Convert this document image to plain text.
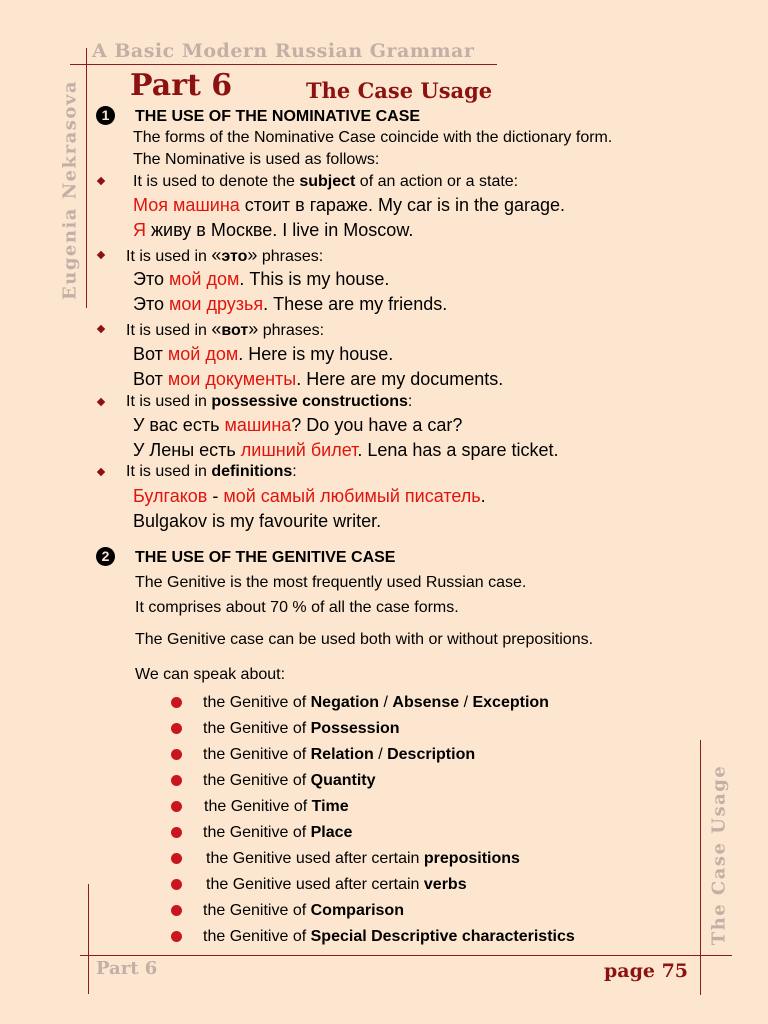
A Basic Modern Russian Grammar
Eugenia Nekrasova
The Case Usage
Part 6	The Case Usage
1	THE USE OF THE NOMINATIVE CASE
The forms of the Nominative Case coincide with the dictionary form.
The Nominative is used as follows:
It is used to denote the subject of an action or a state:
Моя машина стоит в гараже. My car is in the garage.
Я живу в Москве. I live in Moscow.
It is used in «это» phrases:
Это мой дом. This is my house.
Это мои друзья. These are my friends.
It is used in «вот» phrases:
Вот мой дом. Here is my house.
Вот мои документы. Here are my documents.
It is used in possessive constructions:
У вас есть машина? Do you have a car?
У Лены есть лишний билет. Lena has a spare ticket.
It is used in definitions:
Булгаков - мой самый любимый писатель.
Bulgakov is my favourite writer.
2	THE USE OF THE GENITIVE CASE
The Genitive is the most frequently used Russian case.
It comprises about 70 % of all the case forms.
The Genitive case can be used both with or without prepositions.
We can speak about:
the Genitive of Negation / Absense / Exception
the Genitive of Possession
the Genitive of Relation / Description
the Genitive of Quantity
the Genitive of Time
the Genitive of Place
the Genitive used after certain prepositions
the Genitive used after certain verbs
the Genitive of Comparison
the Genitive of Special Descriptive characteristics
Part 6	page 75
